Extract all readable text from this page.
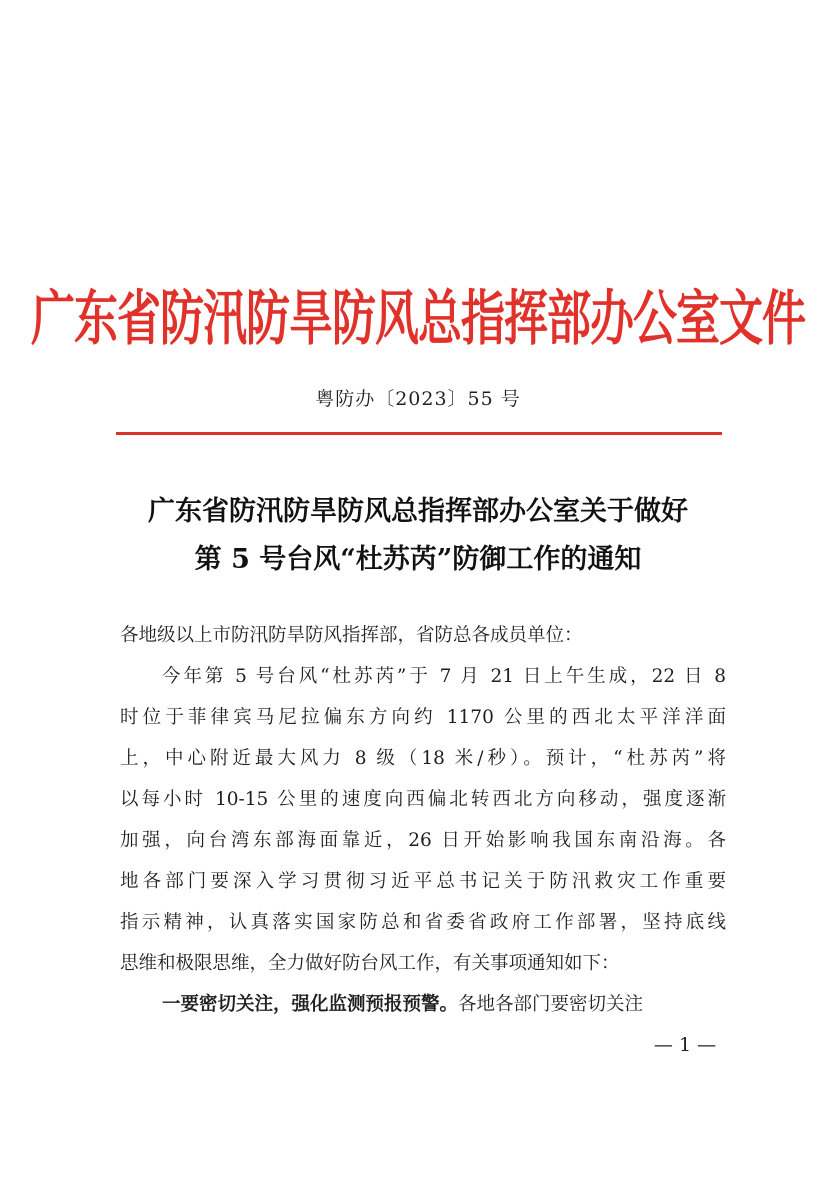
广东省防汛防旱防风总指挥部办公室文件
粤防办〔2023〕55 号
广东省防汛防旱防风总指挥部办公室关于做好
第 5 号台风“杜苏芮”防御工作的通知
各地级以上市防汛防旱防风指挥部，省防总各成员单位：
今年第 5 号台风“杜苏芮”于 7 月 21 日上午生成，22 日 8
时位于菲律宾马尼拉偏东方向约 1170 公里的西北太平洋洋面
上，中心附近最大风力 8 级（18 米/秒）。预计，“杜苏芮”将
以每小时 10-15 公里的速度向西偏北转西北方向移动，强度逐渐
加强，向台湾东部海面靠近，26 日开始影响我国东南沿海。各
地各部门要深入学习贯彻习近平总书记关于防汛救灾工作重要
指示精神，认真落实国家防总和省委省政府工作部署，坚持底线
思维和极限思维，全力做好防台风工作，有关事项通知如下：
一要密切关注，强化监测预报预警。各地各部门要密切关注
— 1 —
